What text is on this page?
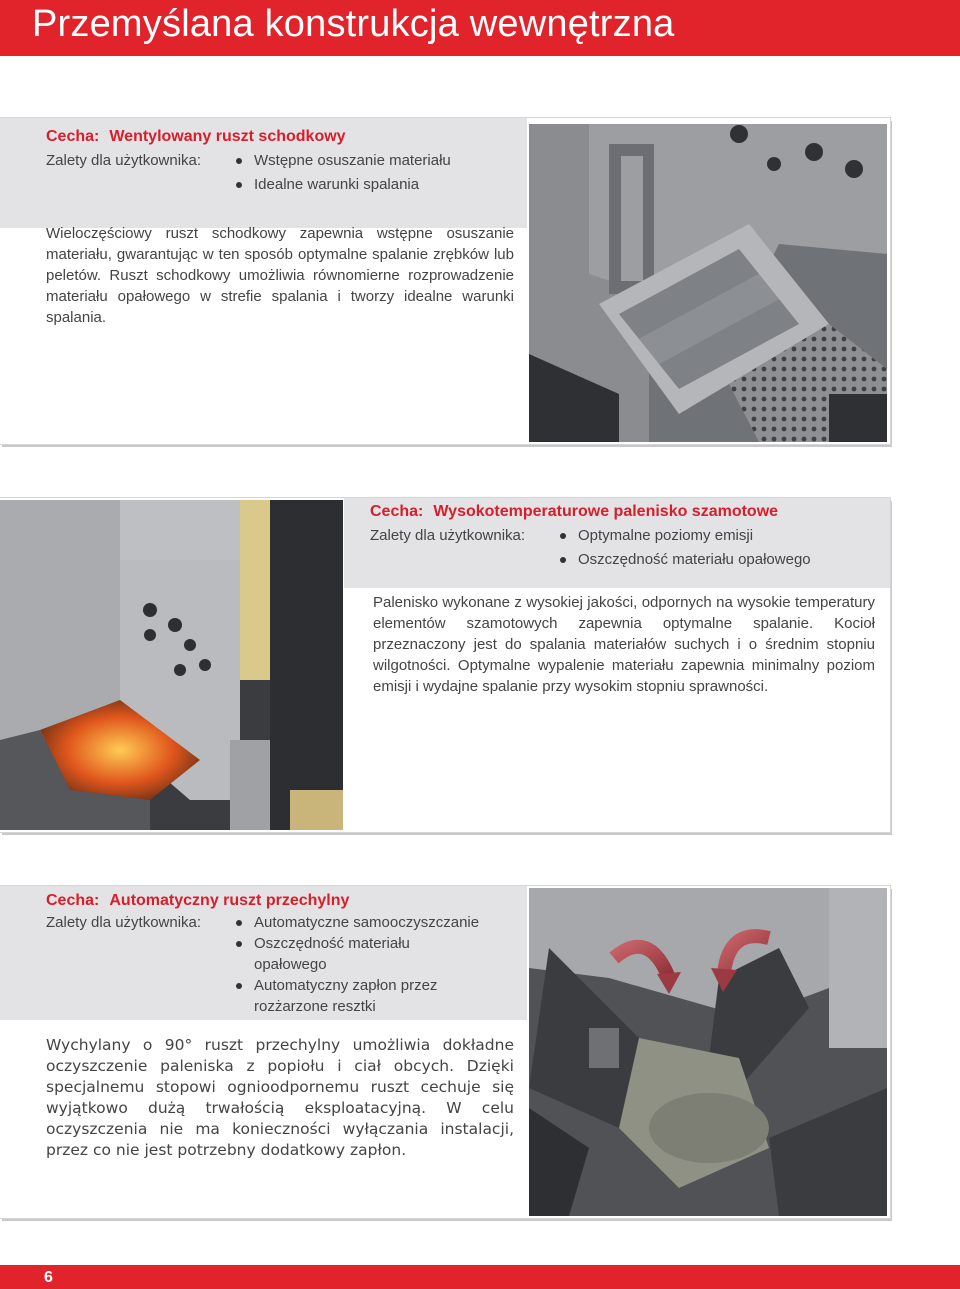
Przemyślana konstrukcja wewnętrzna
Cecha: Wentylowany ruszt schodkowy
Zalety dla użytkownika:	Wstępne osuszanie materiału
Idealne warunki spalania

Wieloczęściowy ruszt schodkowy zapewnia wstępne osuszanie materiału, gwarantując w ten sposób optymalne spalanie zrębków lub peletów. Ruszt schodkowy umożliwia równomierne rozprowadzenie materiału opałowego w strefie spalania i tworzy idealne warunki spalania.

Cecha: Wysokotemperaturowe palenisko szamotowe
Zalety dla użytkownika:	Optymalne poziomy emisji
Oszczędność materiału opałowego

Palenisko wykonane z wysokiej jakości, odpornych na wysokie temperatury elementów szamotowych zapewnia optymalne spalanie. Kocioł przeznaczony jest do spalania materiałów suchych i o średnim stopniu wilgotności. Optymalne wypalenie materiału zapewnia minimalny poziom emisji i wydajne spalanie przy wysokim stopniu sprawności.

Cecha: Automatyczny ruszt przechylny
Zalety dla użytkownika:	Automatyczne samooczyszczanie
Oszczędność materiału opałowego
Automatyczny zapłon przez rozżarzone resztki

Wychylany o 90° ruszt przechylny umożliwia dokładne oczyszczenie paleniska z popiołu i ciał obcych. Dzięki specjalnemu stopowi ognioodpornemu ruszt cechuje się wyjątkowo dużą trwałością eksploatacyjną. W celu oczyszczenia nie ma konieczności wyłączania instalacji, przez co nie jest potrzebny dodatkowy zapłon.

6
